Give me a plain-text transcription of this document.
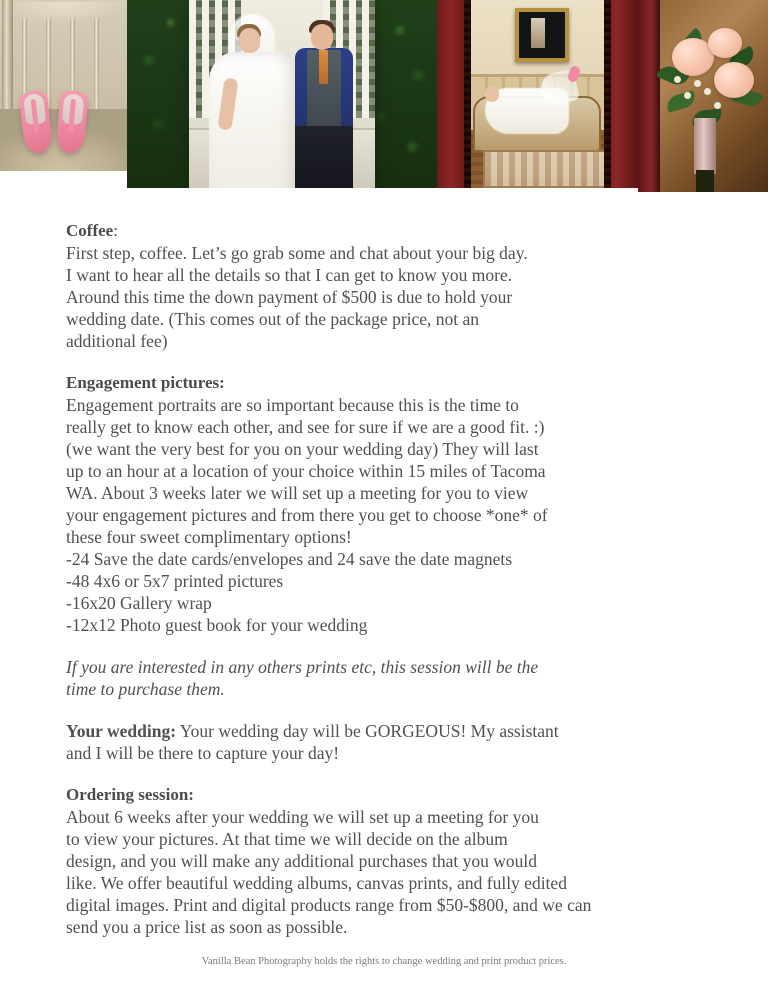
Coffee:
First step, coffee. Let’s go grab some and chat about your big day.
I want to hear all the details so that I can get to know you more.
Around this time the down payment of $500 is due to hold your
wedding date. (This comes out of the package price, not an
additional fee)
Engagement pictures:
Engagement portraits are so important because this is the time to
really get to know each other, and see for sure if we are a good fit. :)
(we want the very best for you on your wedding day) They will last
up to an hour at a location of your choice within 15 miles of Tacoma
WA. About 3 weeks later we will set up a meeting for you to view
your engagement pictures and from there you get to choose *one* of
these four sweet complimentary options!
-24 Save the date cards/envelopes and 24 save the date magnets
-48 4x6 or 5x7 printed pictures
-16x20 Gallery wrap
-12x12 Photo guest book for your wedding
If you are interested in any others prints etc, this session will be the
time to purchase them.
Your wedding: Your wedding day will be GORGEOUS! My assistant
and I will be there to capture your day!
Ordering session:
About 6 weeks after your wedding we will set up a meeting for you
to view your pictures. At that time we will decide on the album
design, and you will make any additional purchases that you would
like. We offer beautiful wedding albums, canvas prints, and fully edited
digital images. Print and digital products range from $50-$800, and we can
send you a price list as soon as possible.
Vanilla Bean Photography holds the rights to change wedding and print product prices.
